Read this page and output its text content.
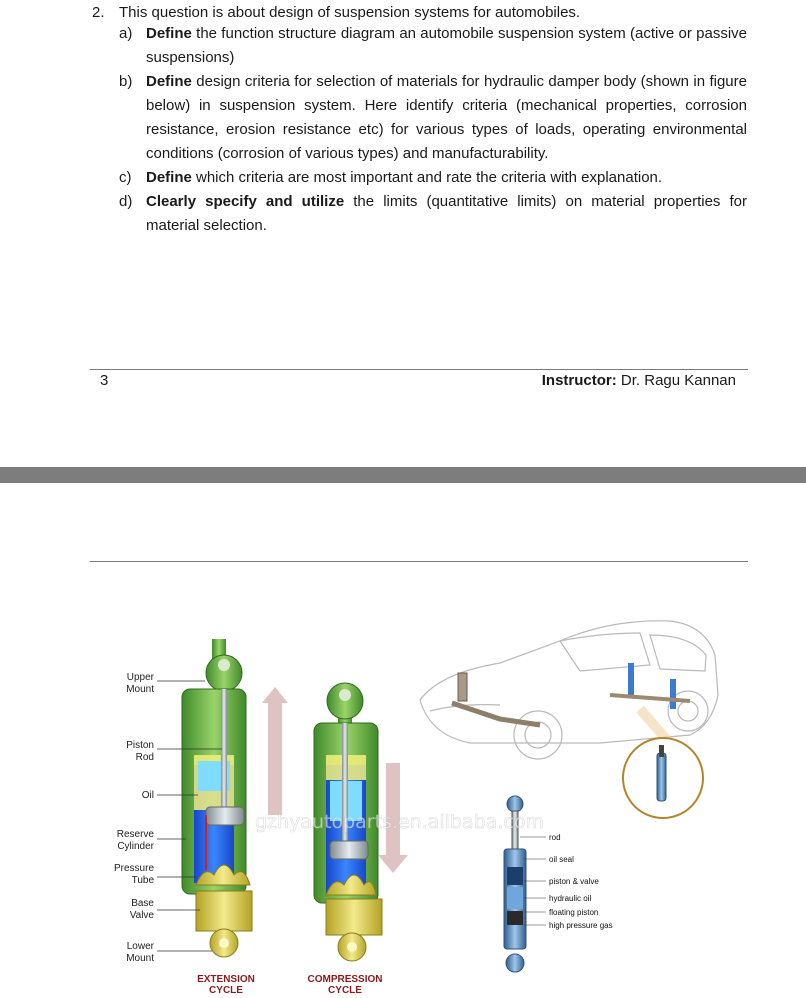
2. This question is about design of suspension systems for automobiles.
a) Define the function structure diagram an automobile suspension system (active or passive suspensions)
b) Define design criteria for selection of materials for hydraulic damper body (shown in figure below) in suspension system. Here identify criteria (mechanical properties, corrosion resistance, erosion resistance etc) for various types of loads, operating environmental conditions (corrosion of various types) and manufacturability.
c) Define which criteria are most important and rate the criteria with explanation.
d) Clearly specify and utilize the limits (quantitative limits) on material properties for material selection.
3	Instructor: Dr. Ragu Kannan
Upper Mount
Piston Rod
Oil
Reserve Cylinder
Pressure Tube
Base Valve
Lower Mount
EXTENSION CYCLE
COMPRESSION CYCLE
rod
oil seal
piston & valve
hydraulic oil
floating piston
high pressure gas
gzhyautoparts.en.alibaba.com
